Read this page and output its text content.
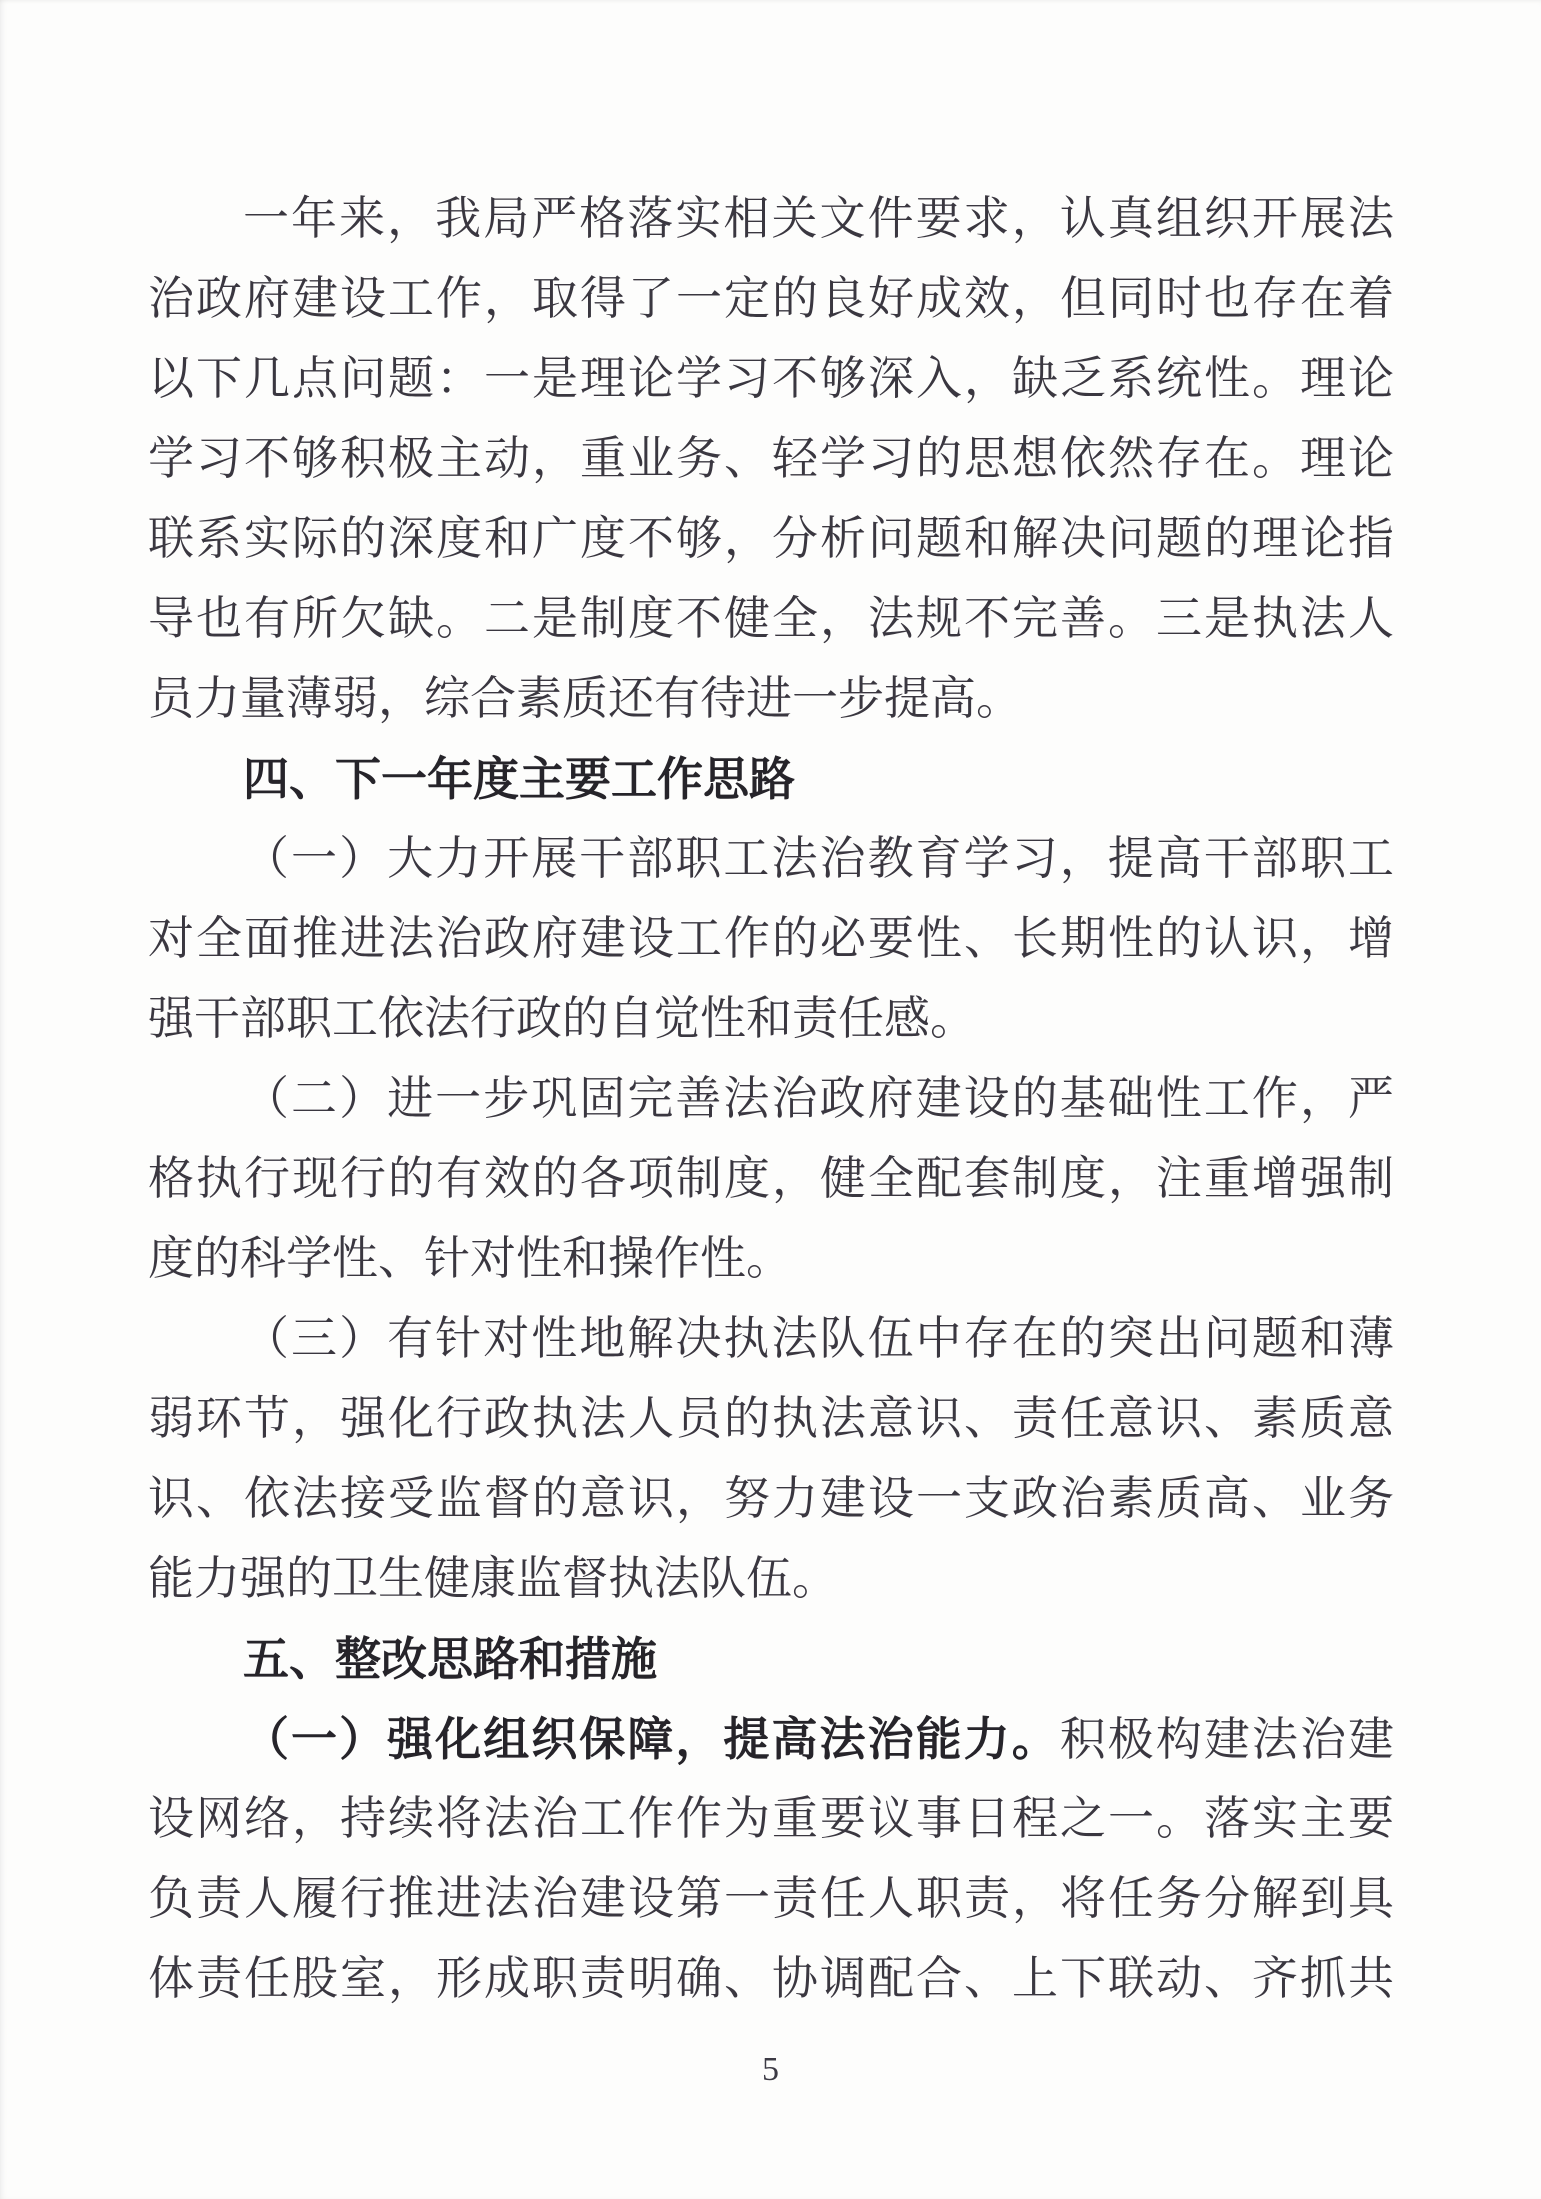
一年来，我局严格落实相关文件要求，认真组织开展法
治政府建设工作，取得了一定的良好成效，但同时也存在着
以下几点问题：一是理论学习不够深入，缺乏系统性。理论
学习不够积极主动，重业务、轻学习的思想依然存在。理论
联系实际的深度和广度不够，分析问题和解决问题的理论指
导也有所欠缺。二是制度不健全，法规不完善。三是执法人
员力量薄弱，综合素质还有待进一步提高。
四、下一年度主要工作思路
（一）大力开展干部职工法治教育学习，提高干部职工
对全面推进法治政府建设工作的必要性、长期性的认识，增
强干部职工依法行政的自觉性和责任感。
（二）进一步巩固完善法治政府建设的基础性工作，严
格执行现行的有效的各项制度，健全配套制度，注重增强制
度的科学性、针对性和操作性。
（三）有针对性地解决执法队伍中存在的突出问题和薄
弱环节，强化行政执法人员的执法意识、责任意识、素质意
识、依法接受监督的意识，努力建设一支政治素质高、业务
能力强的卫生健康监督执法队伍。
五、整改思路和措施
（一）强化组织保障，提高法治能力。积极构建法治建
设网络，持续将法治工作作为重要议事日程之一。落实主要
负责人履行推进法治建设第一责任人职责，将任务分解到具
体责任股室，形成职责明确、协调配合、上下联动、齐抓共
5
